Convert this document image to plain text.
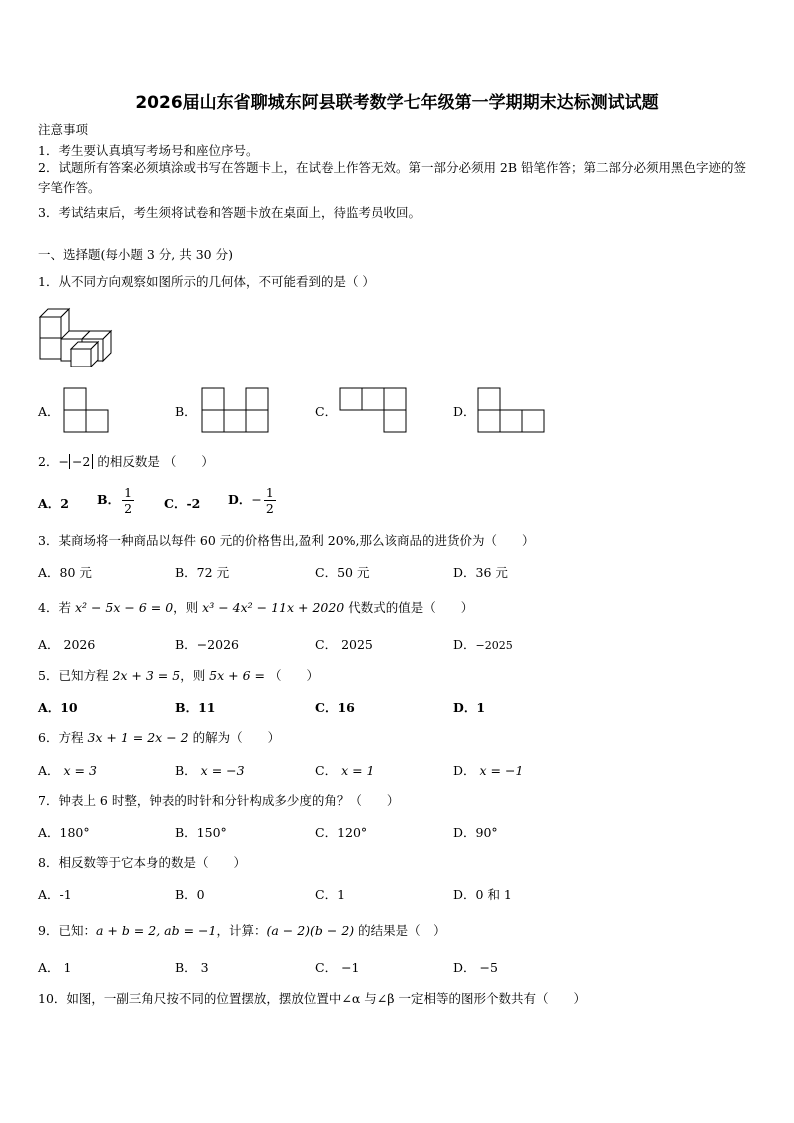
2026届山东省聊城东阿县联考数学七年级第一学期期末达标测试试题
注意事项
1．考生要认真填写考场号和座位序号。
2．试题所有答案必须填涂或书写在答题卡上，在试卷上作答无效。第一部分必须用 2B 铅笔作答；第二部分必须用黑色字迹的签字笔作答。
3．考试结束后，考生须将试卷和答题卡放在桌面上，待监考员收回。
一、选择题(每小题 3 分, 共 30 分)
1．从不同方向观察如图所示的几何体，不可能看到的是（ ）
A．	B．	C．	D．
2．− −2 的相反数是 （　　）
A．2 B． $\frac{1}{2}$ C．-2 D．− $\frac{1}{2}$
3．某商场将一种商品以每件 60 元的价格售出,盈利 20%,那么该商品的进货价为（　　）
A．80 元	B．72 元	C．50 元	D．36 元
4．若 x² − 5x − 6 = 0，则 x³ − 4x² − 11x + 2020 代数式的值是（　　）
A． 2026	B．−2026	C． 2025	D．−2025
5．已知方程 2x + 3 = 5，则 5x + 6 = （　　）
A．10	B．11	C．16	D．1
6．方程 3x + 1 = 2x − 2 的解为（　　）
A． x = 3	B． x = −3	C． x = 1	D． x = −1
7．钟表上 6 时整，钟表的时针和分针构成多少度的角？（　　）
A．180°	B．150°	C．120°	D．90°
8．相反数等于它本身的数是（　　）
A．-1	B．0	C．1	D．0 和 1
9．已知：a + b = 2, ab = −1，计算：(a − 2)(b − 2) 的结果是（　）
A． 1	B． 3	C． −1	D． −5
10．如图，一副三角尺按不同的位置摆放，摆放位置中∠α 与∠β 一定相等的图形个数共有（　　）
